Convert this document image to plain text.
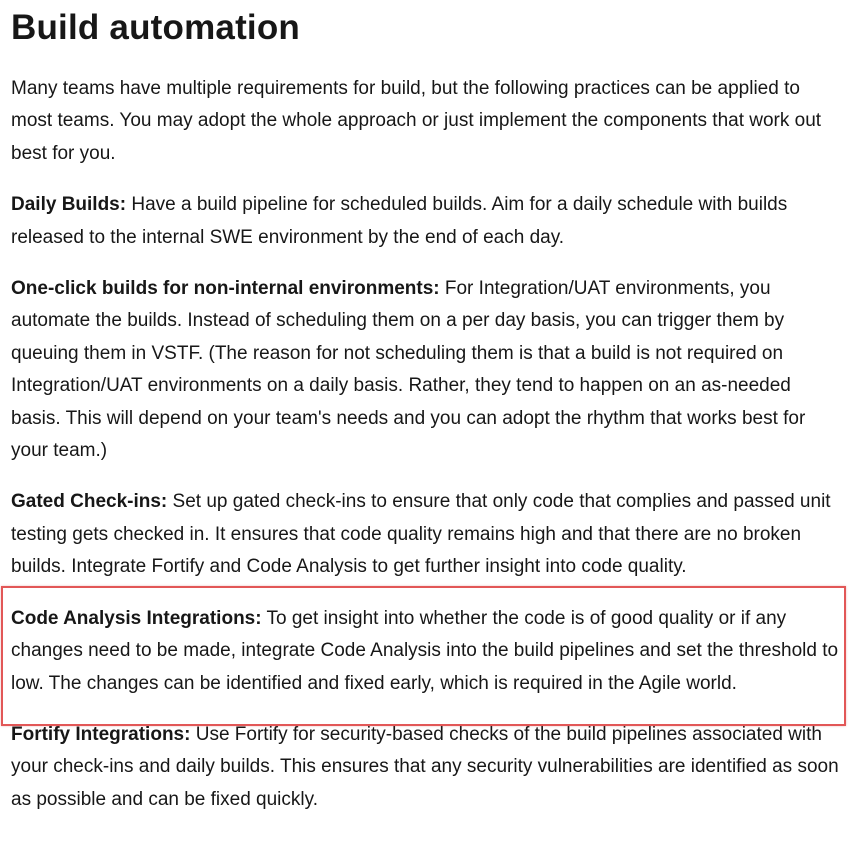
Build automation

Many teams have multiple requirements for build, but the following practices can be applied to most teams. You may adopt the whole approach or just implement the components that work out best for you.

Daily Builds: Have a build pipeline for scheduled builds. Aim for a daily schedule with builds released to the internal SWE environment by the end of each day.

One-click builds for non-internal environments: For Integration/UAT environments, you automate the builds. Instead of scheduling them on a per day basis, you can trigger them by queuing them in VSTF. (The reason for not scheduling them is that a build is not required on Integration/UAT environments on a daily basis. Rather, they tend to happen on an as-needed basis. This will depend on your team's needs and you can adopt the rhythm that works best for your team.)

Gated Check-ins: Set up gated check-ins to ensure that only code that complies and passed unit testing gets checked in. It ensures that code quality remains high and that there are no broken builds. Integrate Fortify and Code Analysis to get further insight into code quality.

Code Analysis Integrations: To get insight into whether the code is of good quality or if any changes need to be made, integrate Code Analysis into the build pipelines and set the threshold to low. The changes can be identified and fixed early, which is required in the Agile world.

Fortify Integrations: Use Fortify for security-based checks of the build pipelines associated with your check-ins and daily builds. This ensures that any security vulnerabilities are identified as soon as possible and can be fixed quickly.
